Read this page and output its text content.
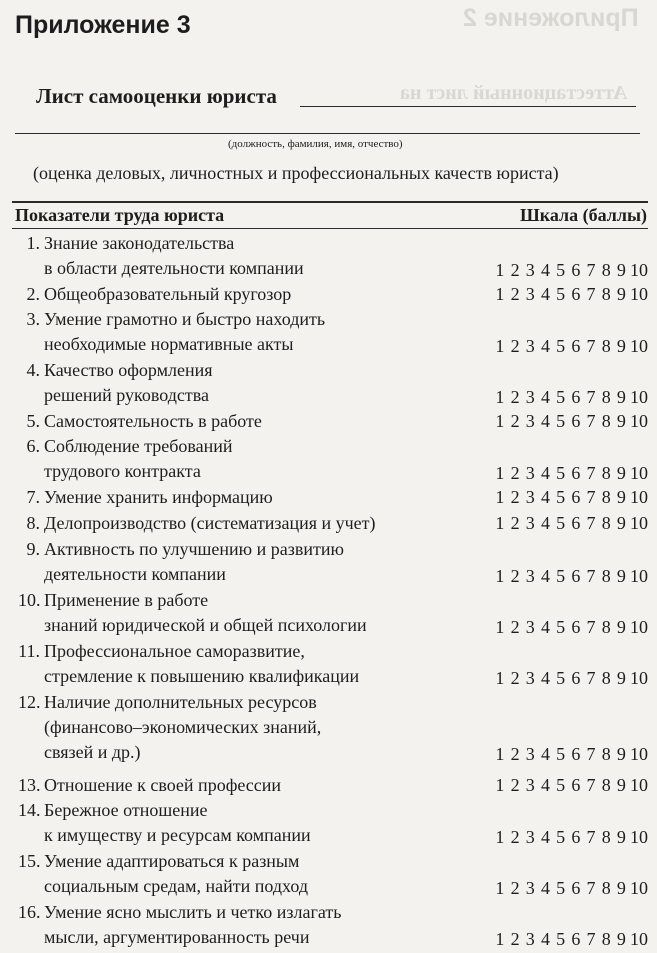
Приложение 2
Аттестационный лист на
Приложение 3
Лист самооценки юриста
(должность, фамилия, имя, отчество)
(оценка деловых, личностных и профессиональных качеств юриста)
Показатели труда юриста	Шкала (баллы)
1. Знание законодательства
в области деятельности компании	1 2 3 4 5 6 7 8 9 10
2. Общеобразовательный кругозор	1 2 3 4 5 6 7 8 9 10
3. Умение грамотно и быстро находить
необходимые нормативные акты	1 2 3 4 5 6 7 8 9 10
4. Качество оформления
решений руководства	1 2 3 4 5 6 7 8 9 10
5. Самостоятельность в работе	1 2 3 4 5 6 7 8 9 10
6. Соблюдение требований
трудового контракта	1 2 3 4 5 6 7 8 9 10
7. Умение хранить информацию	1 2 3 4 5 6 7 8 9 10
8. Делопроизводство (систематизация и учет)	1 2 3 4 5 6 7 8 9 10
9. Активность по улучшению и развитию
деятельности компании	1 2 3 4 5 6 7 8 9 10
10. Применение в работе
знаний юридической и общей психологии	1 2 3 4 5 6 7 8 9 10
11. Профессиональное саморазвитие,
стремление к повышению квалификации	1 2 3 4 5 6 7 8 9 10
12. Наличие дополнительных ресурсов
(финансово–экономических знаний,
связей и др.)	1 2 3 4 5 6 7 8 9 10
13. Отношение к своей профессии	1 2 3 4 5 6 7 8 9 10
14. Бережное отношение
к имуществу и ресурсам компании	1 2 3 4 5 6 7 8 9 10
15. Умение адаптироваться к разным
социальным средам, найти подход	1 2 3 4 5 6 7 8 9 10
16. Умение ясно мыслить и четко излагать
мысли, аргументированность речи	1 2 3 4 5 6 7 8 9 10
